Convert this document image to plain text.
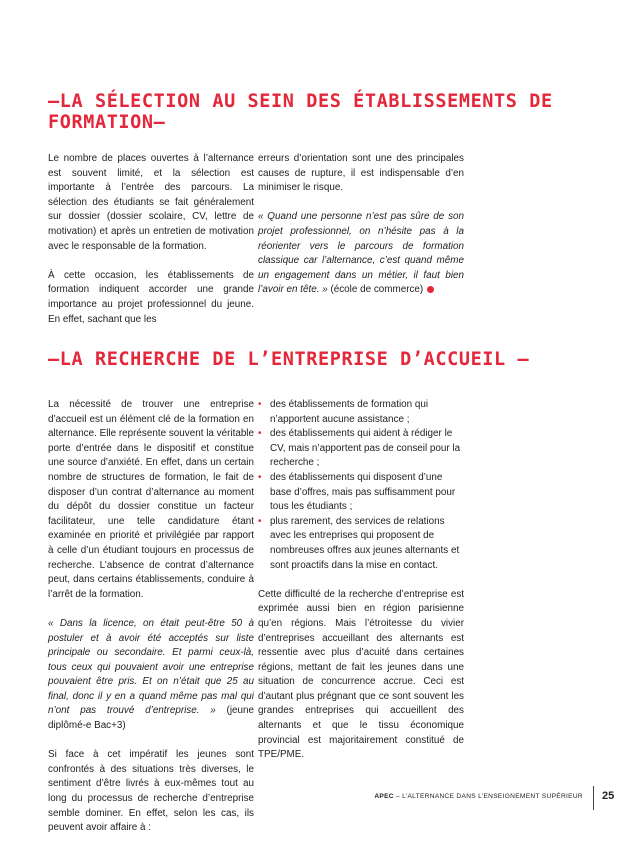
–LA SÉLECTION AU SEIN DES ÉTABLISSEMENTS DE FORMATION–

Le nombre de places ouvertes à l’alternance est souvent limité, et la sélection est importante à l’entrée des parcours. La sélection des étudiants se fait généralement sur dossier (dossier scolaire, CV, lettre de motivation) et après un entretien de motivation avec le responsable de la formation.

À cette occasion, les établissements de formation indiquent accorder une grande importance au projet professionnel du jeune. En effet, sachant que les

erreurs d’orientation sont une des principales causes de rupture, il est indispensable d’en minimiser le risque.

« Quand une personne n’est pas sûre de son projet professionnel, on n’hésite pas à la réorienter vers le parcours de formation classique car l’alternance, c’est quand même un engagement dans un métier, il faut bien l’avoir en tête. » (école de commerce)

–LA RECHERCHE DE L’ENTREPRISE D’ACCUEIL –

La nécessité de trouver une entreprise d’accueil est un élément clé de la formation en alternance. Elle représente souvent la véritable porte d’entrée dans le dispositif et constitue une source d’anxiété. En effet, dans un certain nombre de structures de formation, le fait de disposer d’un contrat d’alternance au moment du dépôt du dossier constitue un facteur facilitateur, une telle candidature étant examinée en priorité et privilégiée par rapport à celle d’un étudiant toujours en processus de recherche. L’absence de contrat d’alternance peut, dans certains établissements, conduire à l’arrêt de la formation.

« Dans la licence, on était peut-être 50 à postuler et à avoir été acceptés sur liste principale ou secondaire. Et parmi ceux-là, tous ceux qui pouvaient avoir une entreprise pouvaient être pris. Et on n’était que 25 au final, donc il y en a quand même pas mal qui n’ont pas trouvé d’entreprise. » (jeune diplômé-e Bac+3)

Si face à cet impératif les jeunes sont confrontés à des situations très diverses, le sentiment d’être livrés à eux-mêmes tout au long du processus de recherche d’entreprise semble dominer. En effet, selon les cas, ils peuvent avoir affaire à :

• des établissements de formation qui n’apportent aucune assistance ;
• des établissements qui aident à rédiger le CV, mais n’apportent pas de conseil pour la recherche ;
• des établissements qui disposent d’une base d’offres, mais pas suffisamment pour tous les étudiants ;
• plus rarement, des services de relations avec les entreprises qui proposent de nombreuses offres aux jeunes alternants et sont proactifs dans la mise en contact.

Cette difficulté de la recherche d’entreprise est exprimée aussi bien en région parisienne qu’en régions. Mais l’étroitesse du vivier d’entreprises accueillant des alternants est ressentie avec plus d’acuité dans certaines régions, mettant de fait les jeunes dans une situation de concurrence accrue. Ceci est d’autant plus prégnant que ce sont souvent les grandes entreprises qui accueillent des alternants et que le tissu économique provincial est majoritairement constitué de TPE/PME.

APEC – L’ALTERNANCE DANS L’ENSEIGNEMENT SUPÉRIEUR 25
